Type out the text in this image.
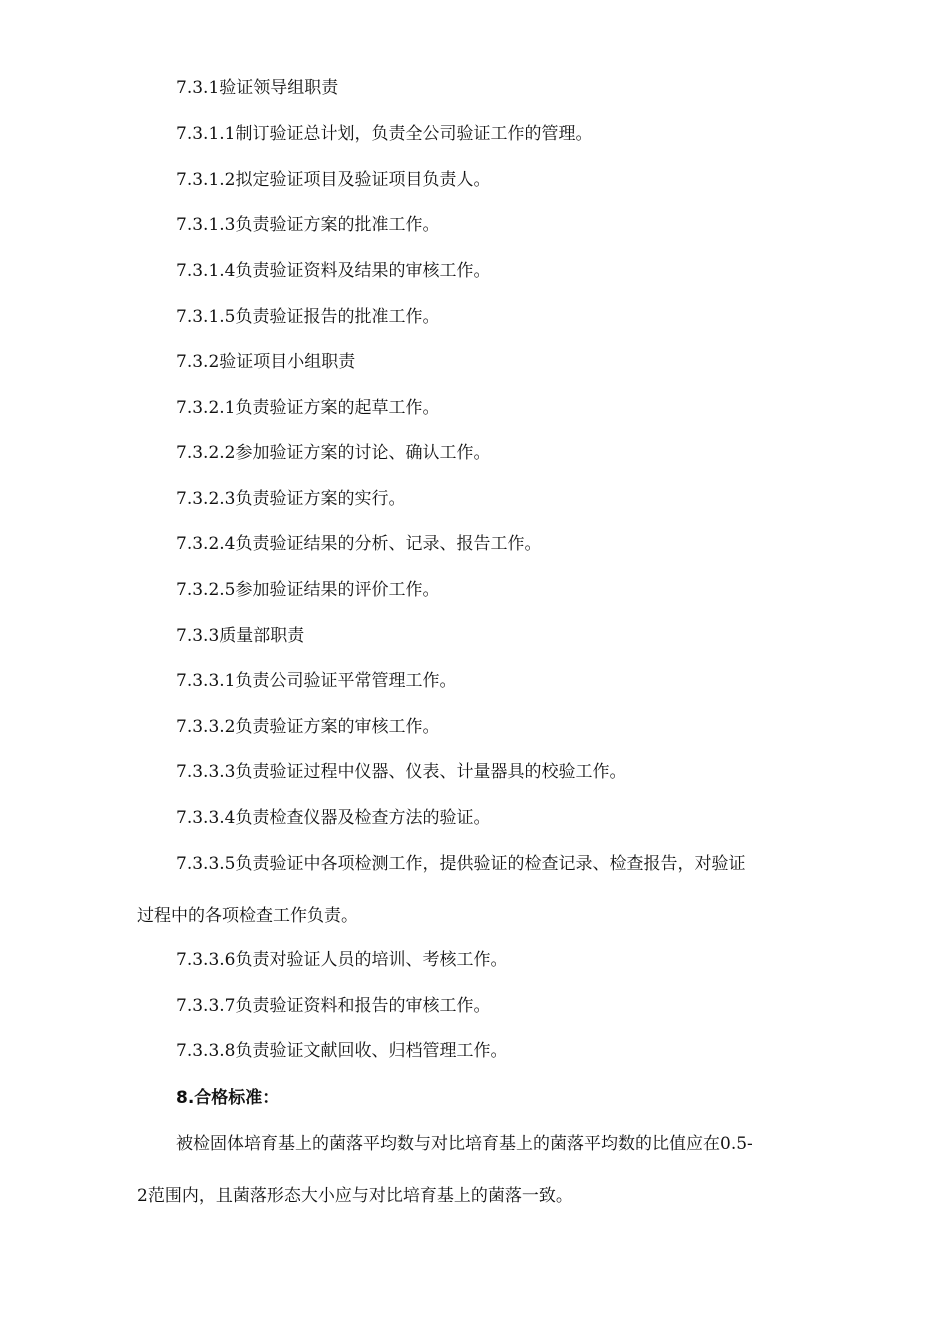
7.3.1验证领导组职责
7.3.1.1制订验证总计划，负责全公司验证工作的管理。
7.3.1.2拟定验证项目及验证项目负责人。
7.3.1.3负责验证方案的批准工作。
7.3.1.4负责验证资料及结果的审核工作。
7.3.1.5负责验证报告的批准工作。
7.3.2验证项目小组职责
7.3.2.1负责验证方案的起草工作。
7.3.2.2参加验证方案的讨论、确认工作。
7.3.2.3负责验证方案的实行。
7.3.2.4负责验证结果的分析、记录、报告工作。
7.3.2.5参加验证结果的评价工作。
7.3.3质量部职责
7.3.3.1负责公司验证平常管理工作。
7.3.3.2负责验证方案的审核工作。
7.3.3.3负责验证过程中仪器、仪表、计量器具的校验工作。
7.3.3.4负责检查仪器及检查方法的验证。
7.3.3.5负责验证中各项检测工作，提供验证的检查记录、检查报告，对验证
过程中的各项检查工作负责。
7.3.3.6负责对验证人员的培训、考核工作。
7.3.3.7负责验证资料和报告的审核工作。
7.3.3.8负责验证文献回收、归档管理工作。
8.合格标准：
被检固体培育基上的菌落平均数与对比培育基上的菌落平均数的比值应在0.5-
2范围内，且菌落形态大小应与对比培育基上的菌落一致。
